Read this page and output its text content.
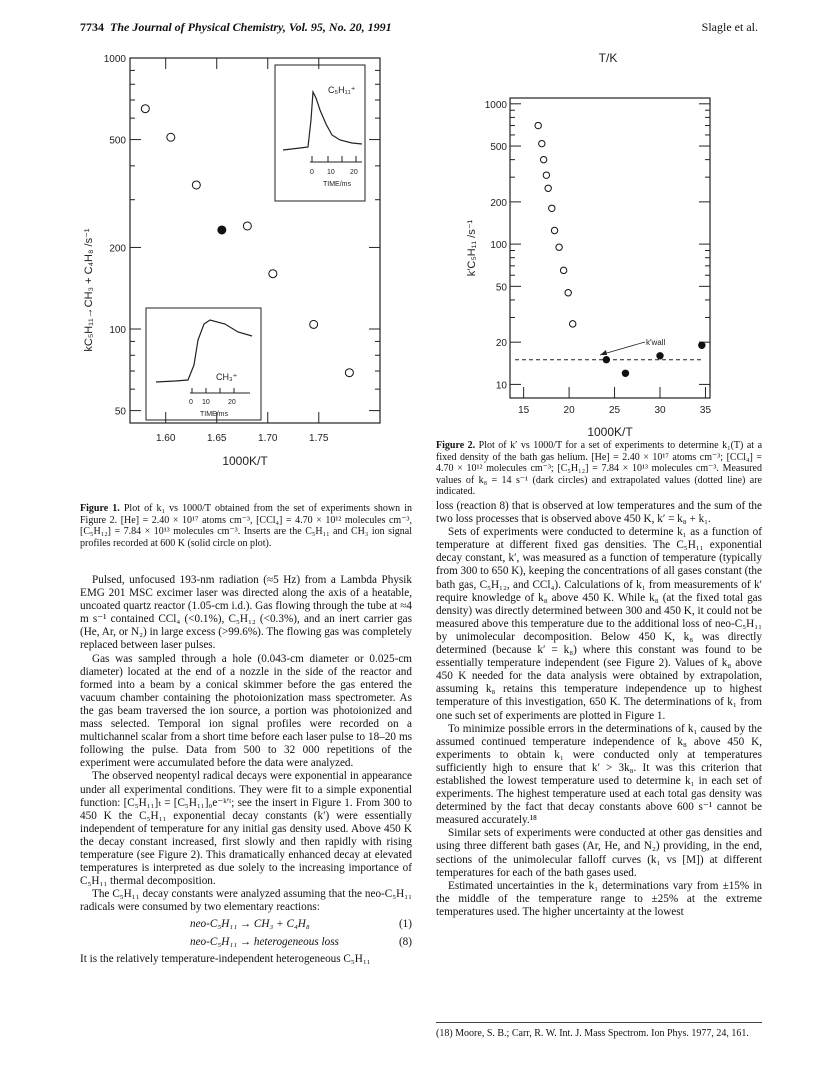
7734 The Journal of Physical Chemistry, Vol. 95, No. 20, 1991	Slagle et al.
1000
500
200
100
50
1.60	1.65	1.70	1.75
C₅H₁₁⁺
0 10 20
TIME/ms
CH₃⁺
0 10	20
TIME/ms
1000K/T
kC₅H₁₁→CH₃ + C₄H₈ /s⁻¹

Figure 1. Plot of k₁ vs 1000/T obtained from the set of experiments shown in Figure 2. [He] = 2.40 × 10¹⁷ atoms cm⁻³, [CCl₄] = 4.70 × 10¹² molecules cm⁻³, [C₅H₁₂] = 7.84 × 10¹³ molecules cm⁻³. Inserts are the C₅H₁₁ and CH₃ ion signal profiles recorded at 600 K (solid circle on plot).

Pulsed, unfocused 193-nm radiation (≈5 Hz) from a Lambda Physik EMG 201 MSC excimer laser was directed along the axis of a heatable, uncoated quartz reactor (1.05-cm i.d.). Gas flowing through the tube at ≈4 m s⁻¹ contained CCl₄ (<0.1%), C₅H₁₂ (<0.3%), and an inert carrier gas (He, Ar, or N₂) in large excess (>99.6%). The flowing gas was completely replaced between laser pulses.

Gas was sampled through a hole (0.043-cm diameter or 0.025-cm diameter) located at the end of a nozzle in the side of the reactor and formed into a beam by a conical skimmer before the gas entered the vacuum chamber containing the photoionization mass spectrometer. As the gas beam traversed the ion source, a portion was photoionized and mass selected. Temporal ion signal profiles were recorded on a multichannel scalar from a short time before each laser pulse to 18–20 ms following the pulse. Data from 500 to 32 000 repetitions of the experiment were accumulated before the data were analyzed.

The observed neopentyl radical decays were exponential in appearance under all experimental conditions. They were fit to a simple exponential function: [C₅H₁₁]ₜ = [C₅H₁₁]₀e⁻ᵏ′ᵗ; see the insert in Figure 1. From 300 to 450 K the C₅H₁₁ exponential decay constants (k′) were essentially independent of temperature for any initial gas density used. Above 450 K the decay constant increased, first slowly and then rapidly with rising temperature (see Figure 2). This dramatically enhanced decay at elevated temperatures is interpreted as due solely to the increasing importance of C₅H₁₁ thermal decomposition.

The C₅H₁₁ decay constants were analyzed assuming that the neo-C₅H₁₁ radicals were consumed by two elementary reactions:

neo-C₅H₁₁ → CH₃ + C₄H₈	(1)
neo-C₅H₁₁ → heterogeneous loss	(8)

It is the relatively temperature-independent heterogeneous C₅H₁₁

T/K
1000
500
200
100
50
20
10
15	20	25	30	35
k′wall
1000K/T
k′C₅H₁₁ /s⁻¹

Figure 2. Plot of k′ vs 1000/T for a set of experiments to determine k₁(T) at a fixed density of the bath gas helium. [He] = 2.40 × 10¹⁷ atoms cm⁻³; [CCl₄] = 4.70 × 10¹² molecules cm⁻³; [C₅H₁₂] = 7.84 × 10¹³ molecules cm⁻³. Measured values of k₈ = 14 s⁻¹ (dark circles) and extrapolated values (dotted line) are indicated.

loss (reaction 8) that is observed at low temperatures and the sum of the two loss processes that is observed above 450 K, k′ = k₈ + k₁.

Sets of experiments were conducted to determine k₁ as a function of temperature at different fixed gas densities. The C₅H₁₁ exponential decay constant, k′, was measured as a function of temperature (typically from 300 to 650 K), keeping the concentrations of all gases constant (the bath gas, C₅H₁₂, and CCl₄). Calculations of k₁ from measurements of k′ require knowledge of k₈ above 450 K. While k₈ (at the fixed total gas density) was directly determined between 300 and 450 K, it could not be measured above this temperature due to the additional loss of neo-C₅H₁₁ by unimolecular decomposition. Below 450 K, k₈ was directly determined (because k′ = k₈) where this constant was found to be essentially temperature independent (see Figure 2). Values of k₈ above 450 K needed for the data analysis were obtained by extrapolation, assuming k₈ retains this temperature independence up to highest temperature of this investigation, 650 K. The determinations of k₁ from one such set of experiments are plotted in Figure 1.

To minimize possible errors in the determinations of k₁ caused by the assumed continued temperature independence of k₈ above 450 K, experiments to obtain k₁ were conducted only at temperatures sufficiently high to ensure that k′ > 3k₈. It was this criterion that established the lowest temperature used to determine k₁ in each set of experiments. The highest temperature used at each total gas density was determined by the fact that decay constants above 600 s⁻¹ cannot be measured accurately.¹⁸

Similar sets of experiments were conducted at other gas densities and using three different bath gases (Ar, He, and N₂) providing, in the end, sections of the unimolecular falloff curves (k₁ vs [M]) at different temperatures for each of the bath gases used.

Estimated uncertainties in the k₁ determinations vary from ±15% in the middle of the temperature range to ±25% at the extreme temperatures used. The higher uncertainty at the lowest

(18) Moore, S. B.; Carr, R. W. Int. J. Mass Spectrom. Ion Phys. 1977, 24, 161.
